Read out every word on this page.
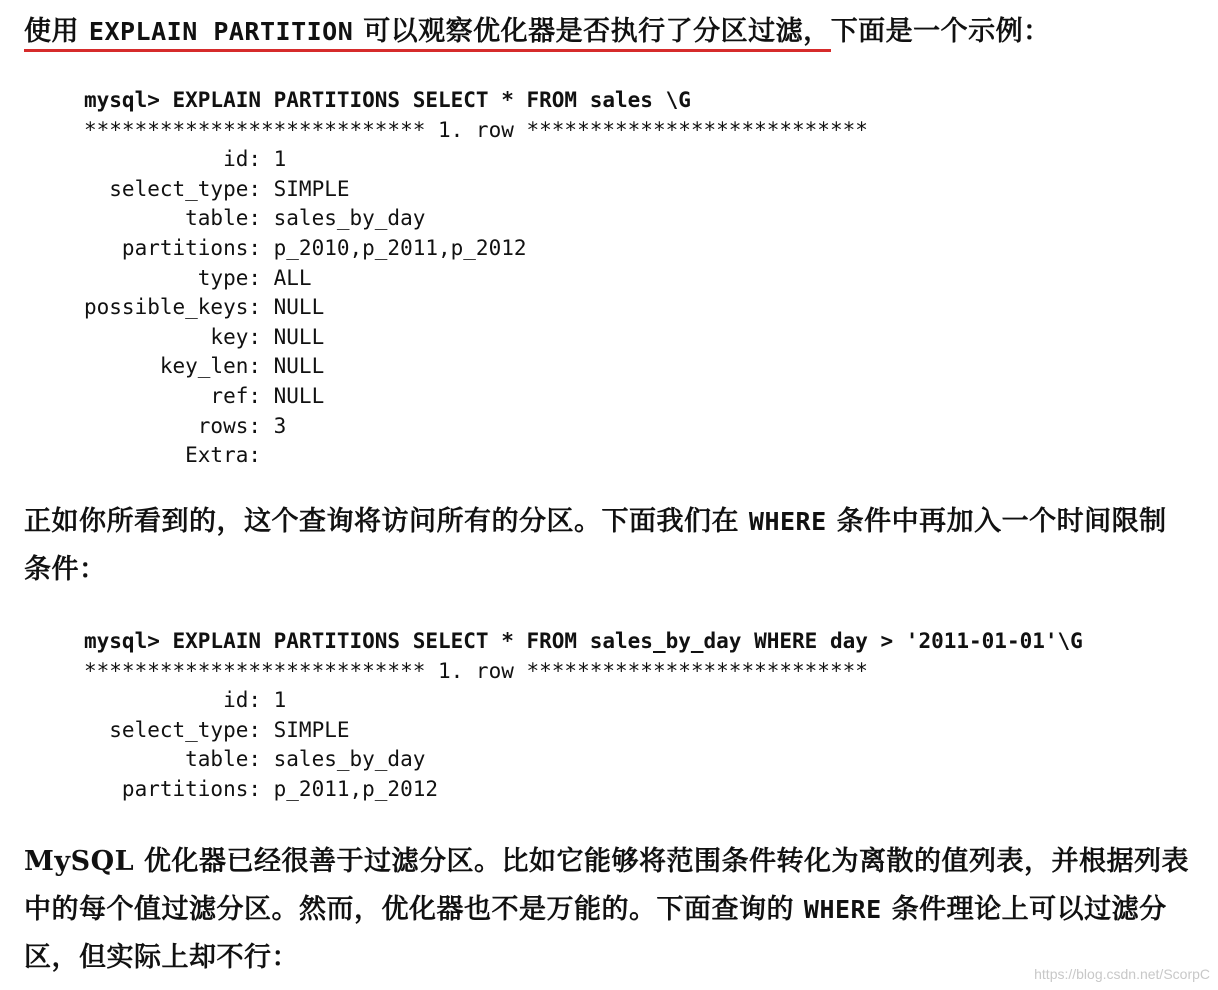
使用 EXPLAIN PARTITION 可以观察优化器是否执行了分区过滤，下面是一个示例：

mysql> EXPLAIN PARTITIONS SELECT * FROM sales \G
*************************** 1. row ***************************
id: 1
select_type: SIMPLE
table: sales_by_day
partitions: p_2010,p_2011,p_2012
type: ALL
possible_keys: NULL
key: NULL
key_len: NULL
ref: NULL
rows: 3
Extra:

正如你所看到的，这个查询将访问所有的分区。下面我们在 WHERE 条件中再加入一个时间限制条件：

mysql> EXPLAIN PARTITIONS SELECT * FROM sales_by_day WHERE day > '2011-01-01'\G
*************************** 1. row ***************************
id: 1
select_type: SIMPLE
table: sales_by_day
partitions: p_2011,p_2012

MySQL 优化器已经很善于过滤分区。比如它能够将范围条件转化为离散的值列表，并根据列表中的每个值过滤分区。然而，优化器也不是万能的。下面查询的 WHERE 条件理论上可以过滤分区，但实际上却不行：

https://blog.csdn.net/ScorpC
